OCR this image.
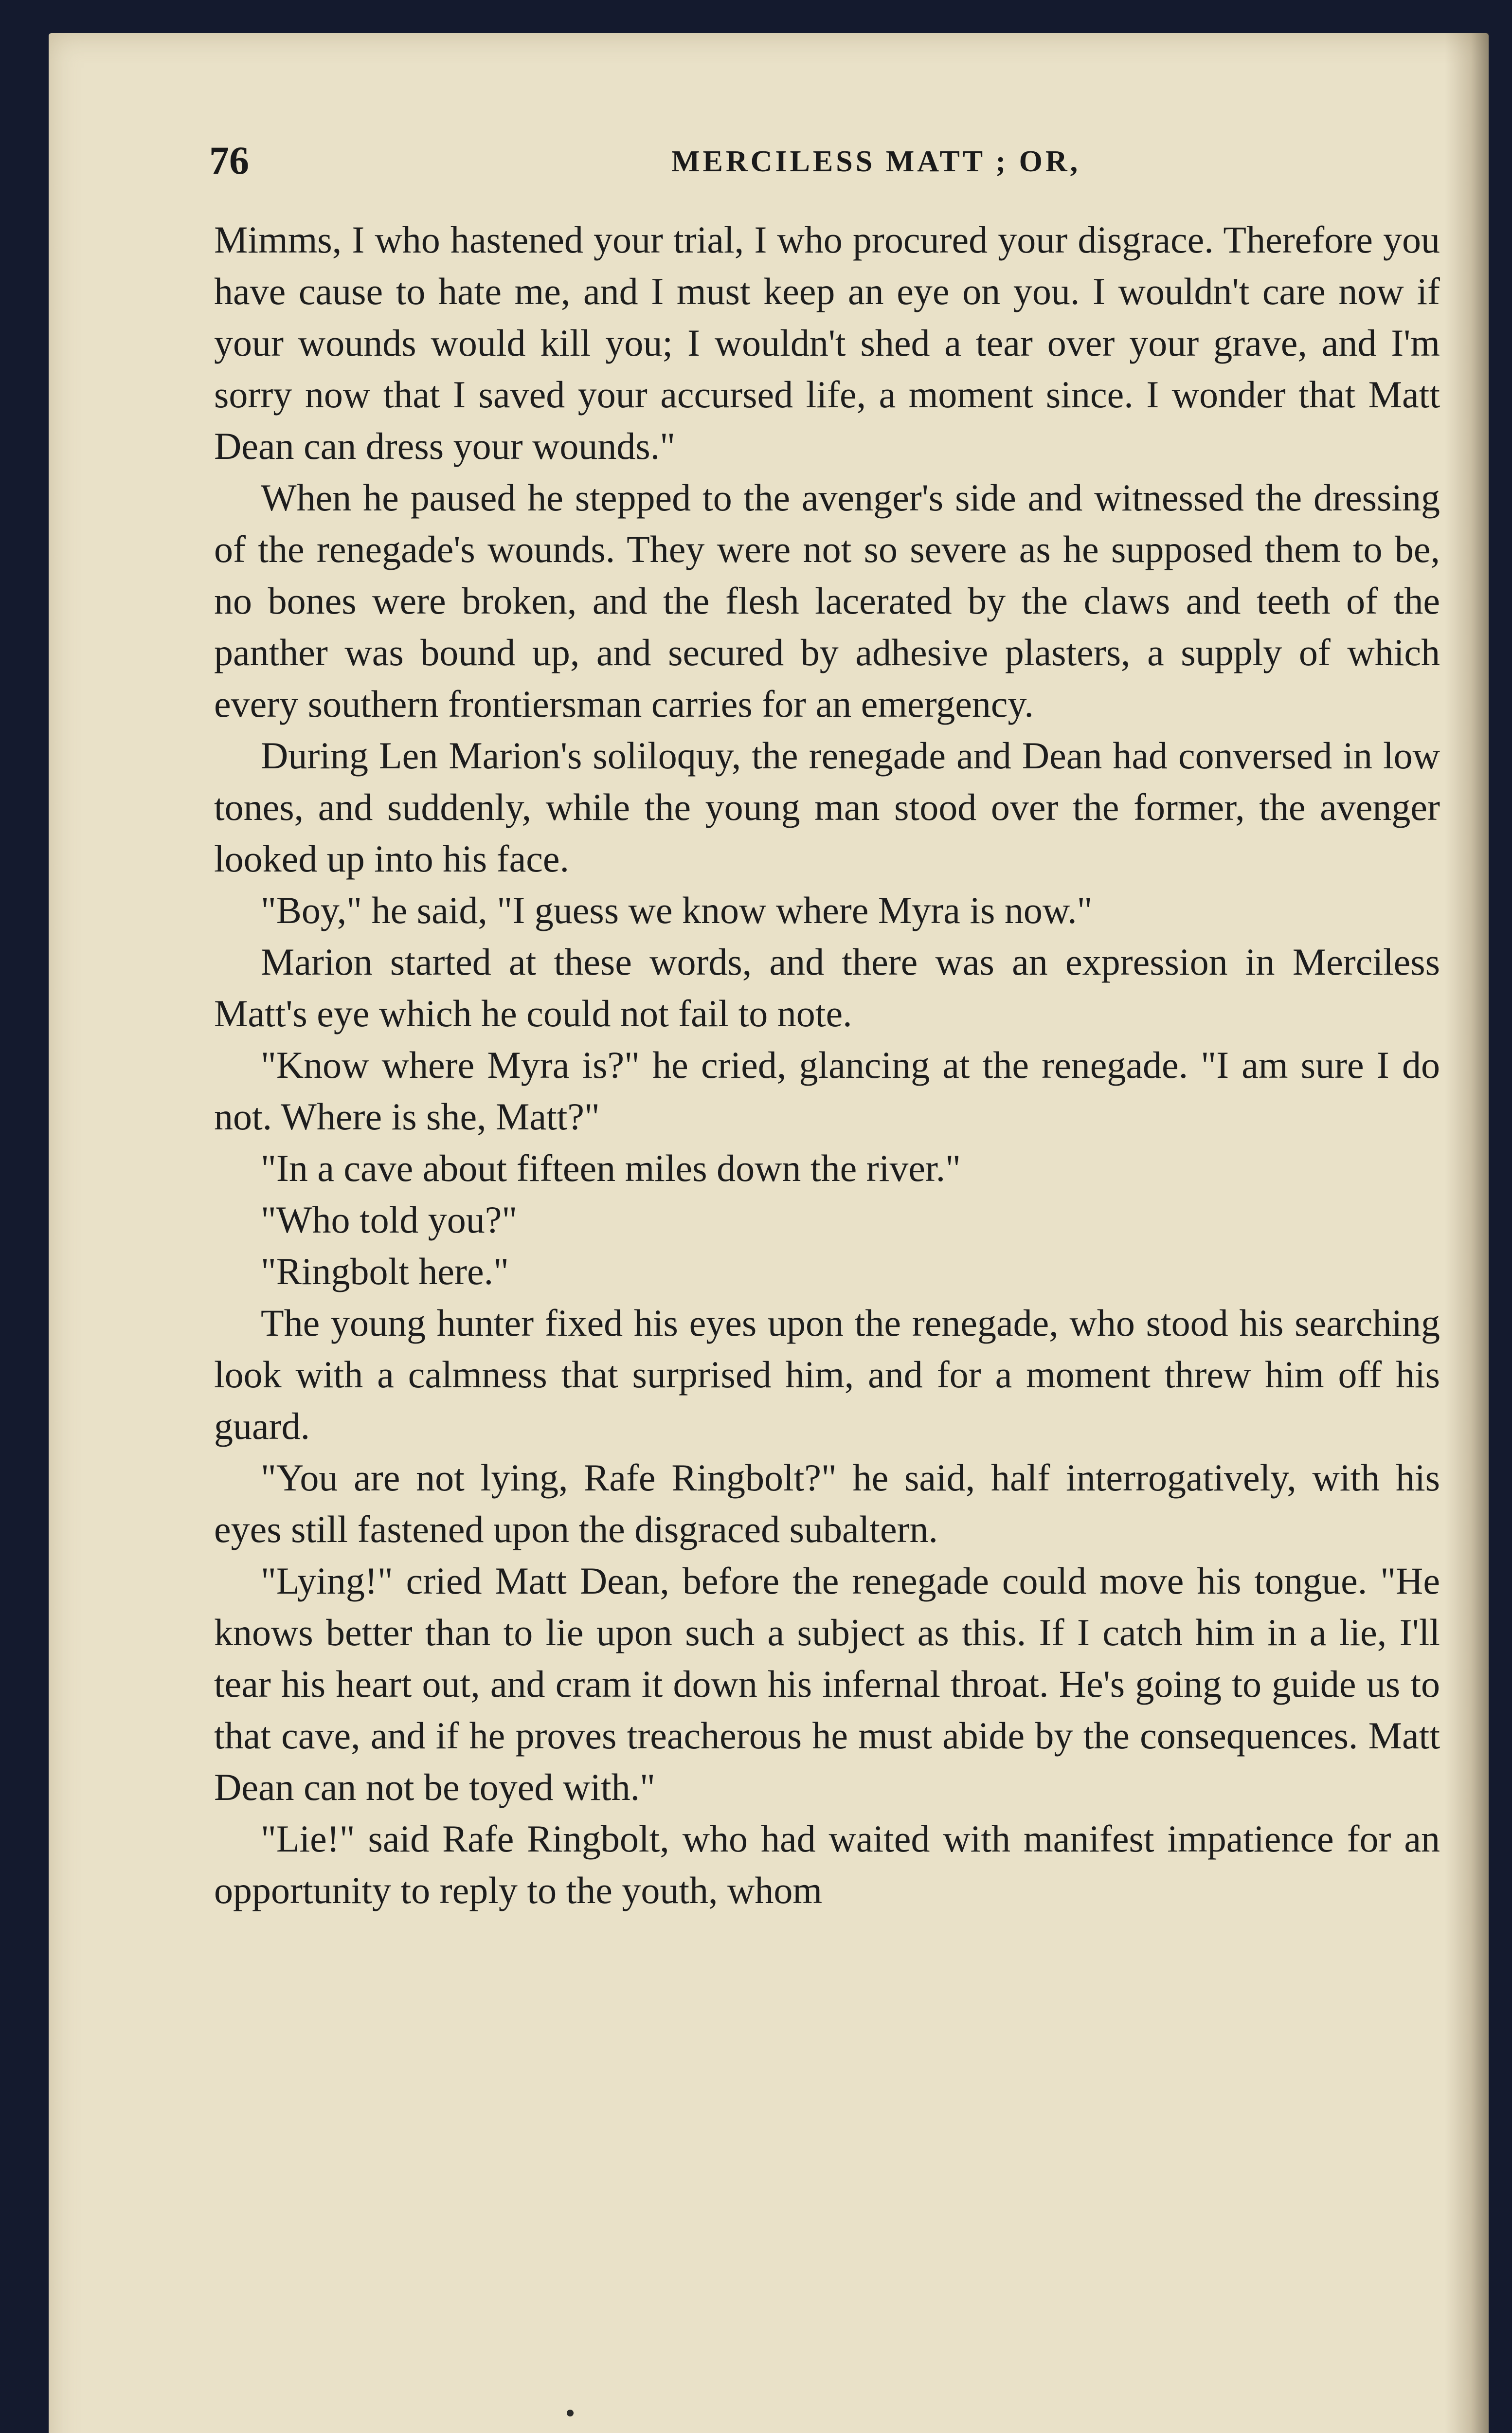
76	MERCILESS MATT ; OR,

Mimms, I who hastened your trial, I who procured your disgrace. Therefore you have cause to hate me, and I must keep an eye on you. I wouldn't care now if your wounds would kill you; I wouldn't shed a tear over your grave, and I'm sorry now that I saved your accursed life, a moment since. I wonder that Matt Dean can dress your wounds."

When he paused he stepped to the avenger's side and witnessed the dressing of the renegade's wounds. They were not so severe as he supposed them to be, no bones were broken, and the flesh lacerated by the claws and teeth of the panther was bound up, and secured by adhesive plasters, a supply of which every southern frontiersman carries for an emergency.

During Len Marion's soliloquy, the renegade and Dean had conversed in low tones, and suddenly, while the young man stood over the former, the avenger looked up into his face.

"Boy," he said, "I guess we know where Myra is now."

Marion started at these words, and there was an expression in Merciless Matt's eye which he could not fail to note.

"Know where Myra is?" he cried, glancing at the renegade. "I am sure I do not. Where is she, Matt?"

"In a cave about fifteen miles down the river."

"Who told you?"

"Ringbolt here."

The young hunter fixed his eyes upon the renegade, who stood his searching look with a calmness that surprised him, and for a moment threw him off his guard.

"You are not lying, Rafe Ringbolt?" he said, half interrogatively, with his eyes still fastened upon the disgraced subaltern.

"Lying!" cried Matt Dean, before the renegade could move his tongue. "He knows better than to lie upon such a subject as this. If I catch him in a lie, I'll tear his heart out, and cram it down his infernal throat. He's going to guide us to that cave, and if he proves treacherous he must abide by the consequences. Matt Dean can not be toyed with."

"Lie!" said Rafe Ringbolt, who had waited with manifest impatience for an opportunity to reply to the youth, whom
